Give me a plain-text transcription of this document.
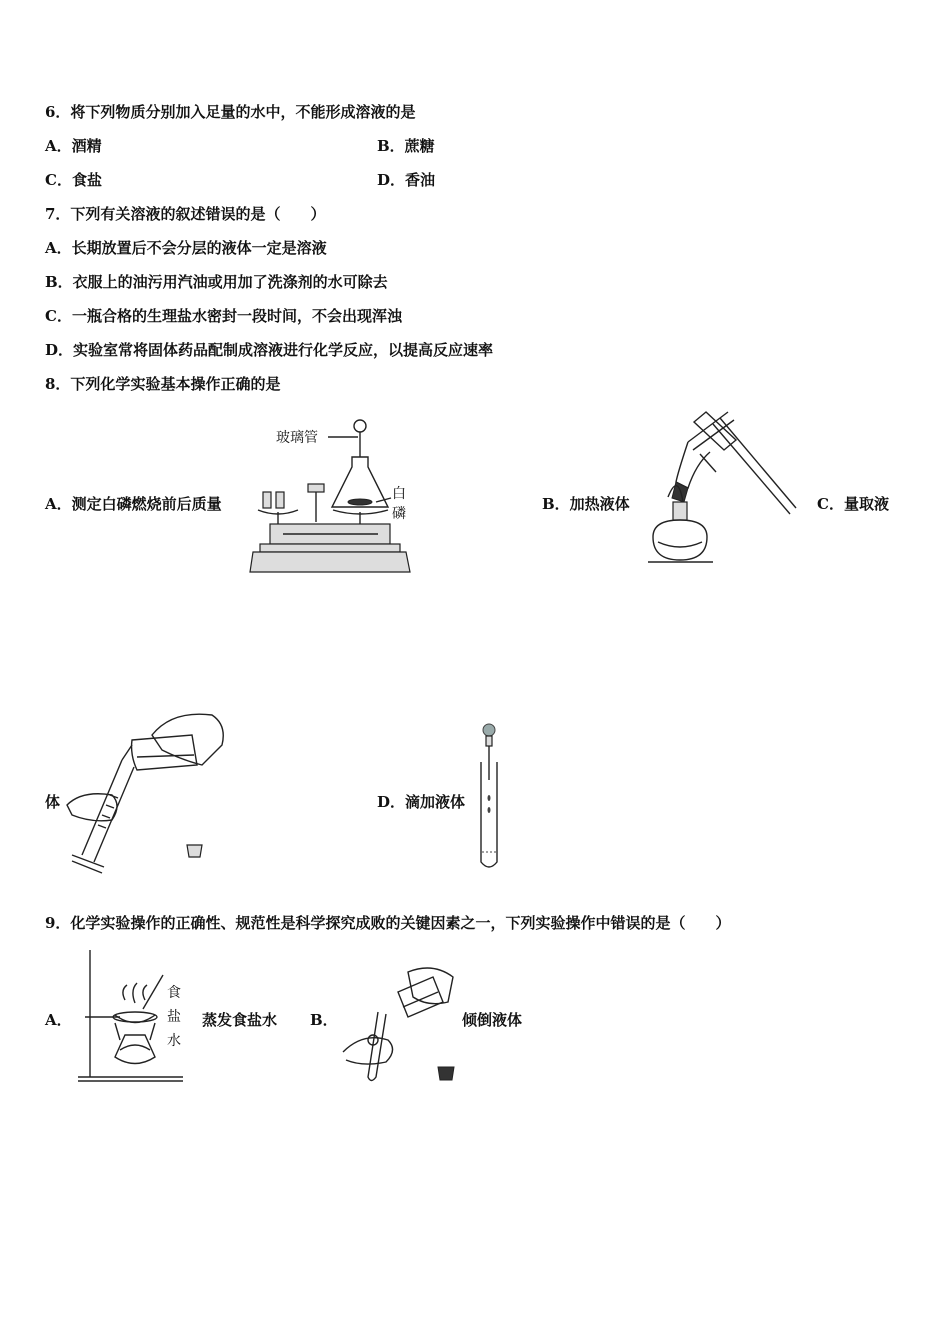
6．将下列物质分别加入足量的水中，不能形成溶液的是
A．酒精	B．蔗糖
C．食盐	D．香油
7．下列有关溶液的叙述错误的是（　　）
A．长期放置后不会分层的液体一定是溶液
B．衣服上的油污用汽油或用加了洗涤剂的水可除去
C．一瓶合格的生理盐水密封一段时间，不会出现浑浊
D．实验室常将固体药品配制成溶液进行化学反应，以提高反应速率
8．下列化学实验基本操作正确的是
A．测定白磷燃烧前后质量
玻璃管
白
磷
B．加热液体	C．量取液
体	D．滴加液体
9．化学实验操作的正确性、规范性是科学探究成败的关键因素之一，下列实验操作中错误的是（　　）
A．
食
盐
水
蒸发食盐水 B．	倾倒液体
